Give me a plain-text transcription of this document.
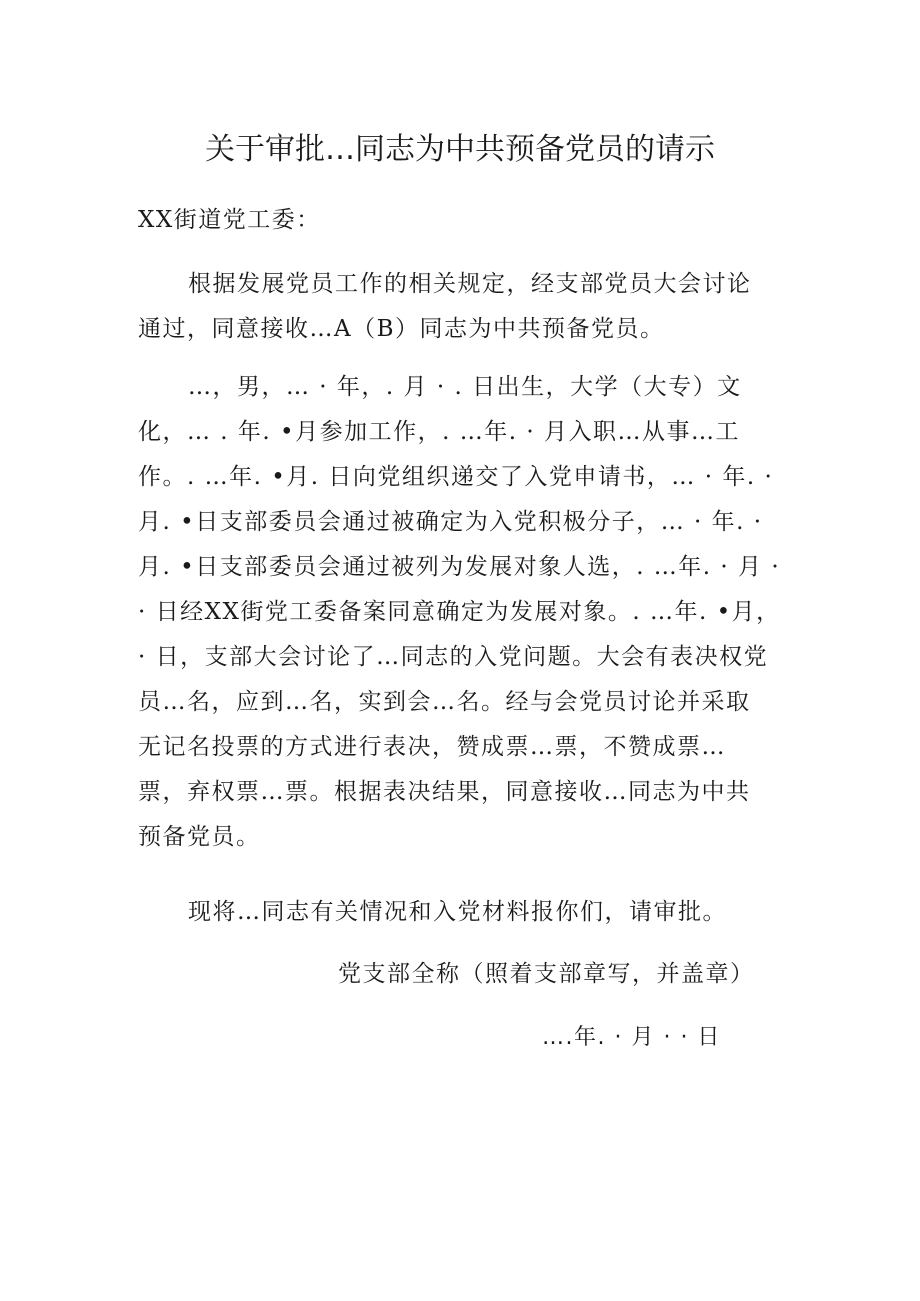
关于审批…同志为中共预备党员的请示
XX街道党工委：
根据发展党员工作的相关规定，经支部党员大会讨论
通过，同意接收…A（B）同志为中共预备党员。
…，男，… · 年，. 月 · . 日出生，大学（大专）文
化，… . 年. •月参加工作，. …年. · 月入职…从事…工
作。. …年. •月. 日向党组织递交了入党申请书，… · 年. ·
月. •日支部委员会通过被确定为入党积极分子，… · 年. ·
月. •日支部委员会通过被列为发展对象人选，. …年. · 月 ·
· 日经XX街党工委备案同意确定为发展对象。. …年. •月，
· 日，支部大会讨论了…同志的入党问题。大会有表决权党
员…名，应到…名，实到会…名。经与会党员讨论并采取
无记名投票的方式进行表决，赞成票…票，不赞成票…
票，弃权票…票。根据表决结果，同意接收…同志为中共
预备党员。
现将…同志有关情况和入党材料报你们，请审批。
党支部全称（照着支部章写，并盖章）
….年. · 月 · · 日
